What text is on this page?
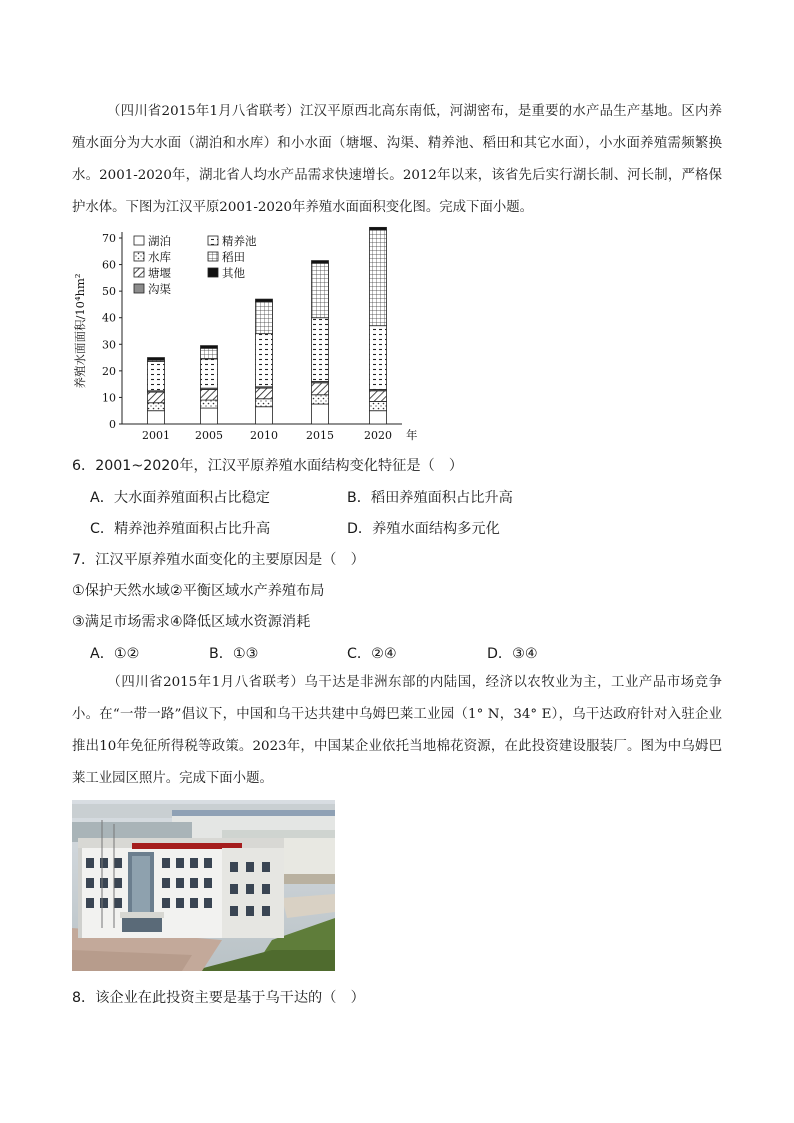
（四川省2015年1月八省联考）江汉平原西北高东南低，河湖密布，是重要的水产品生产基地。区内养殖水面分为大水面（湖泊和水库）和小水面（塘堰、沟渠、精养池、稻田和其它水面），小水面养殖需频繁换水。2001-2020年，湖北省人均水产品需求快速增长。2012年以来，该省先后实行湖长制、河长制，严格保护水体。下图为江汉平原2001-2020年养殖水面面积变化图。完成下面小题。
养殖水面面积/10⁴hm²
0
10
20
30
40
50
60
70
2001 2005 2010	2015	2020 年
湖泊
水库
塘堰
沟渠
精养池
稻田
其他
6．2001~2020年，江汉平原养殖水面结构变化特征是（　）
A．大水面养殖面积占比稳定	B．稻田养殖面积占比升高
C．精养池养殖面积占比升高	D．养殖水面结构多元化
7．江汉平原养殖水面变化的主要原因是（　）
①保护天然水域②平衡区域水产养殖布局
③满足市场需求④降低区域水资源消耗
A．①②	B．①③	C．②④	D．③④
（四川省2015年1月八省联考）乌干达是非洲东部的内陆国，经济以农牧业为主，工业产品市场竞争小。在“一带一路”倡议下，中国和乌干达共建中乌姆巴莱工业园（1° N，34° E），乌干达政府针对入驻企业推出10年免征所得税等政策。2023年，中国某企业依托当地棉花资源，在此投资建设服装厂。图为中乌姆巴莱工业园区照片。完成下面小题。
8．该企业在此投资主要是基于乌干达的（　）
